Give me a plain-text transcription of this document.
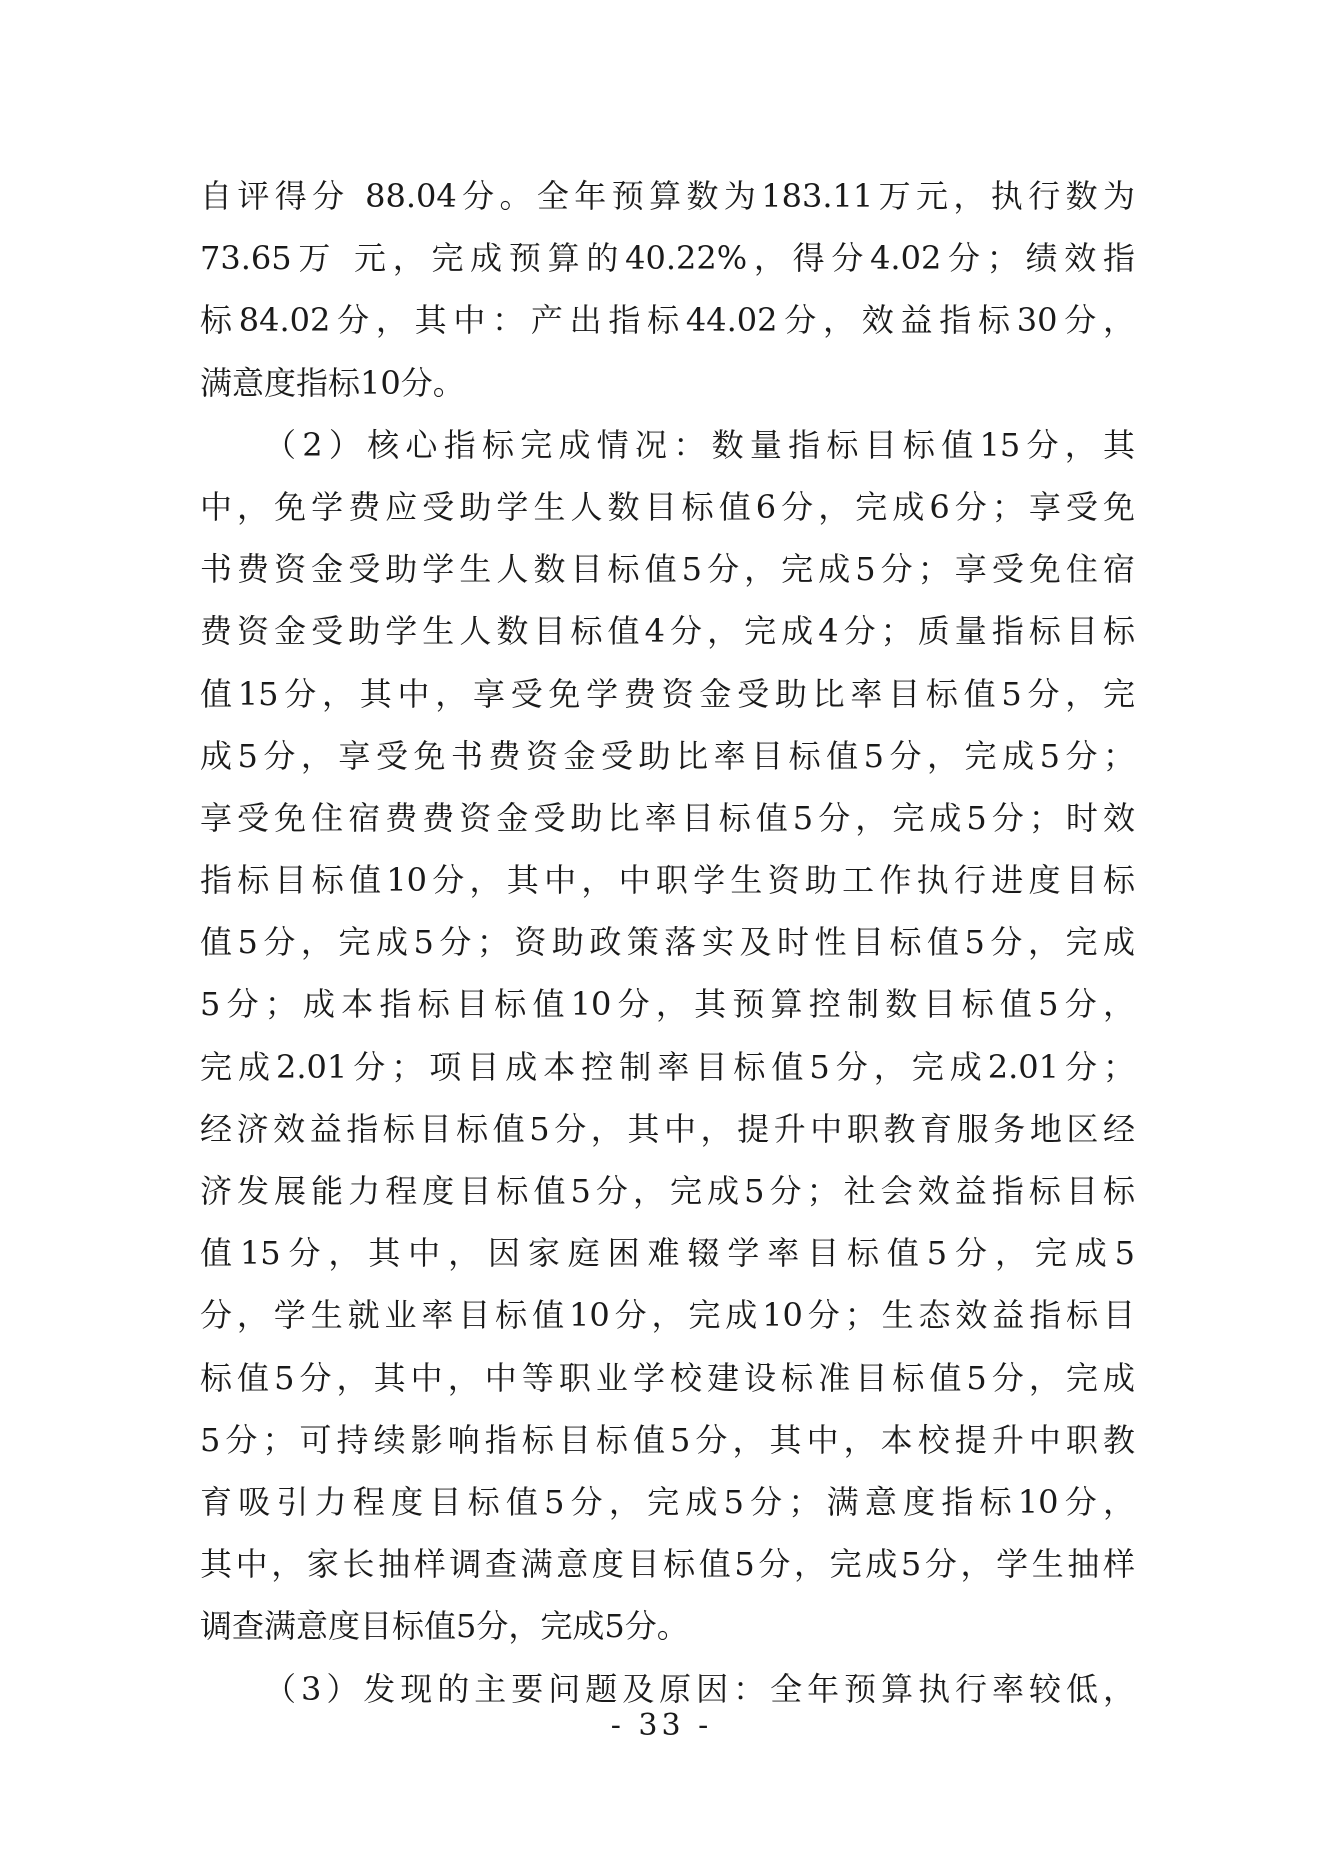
自评得分 88.04分。全年预算数为183.11万元，执行数为
73.65万 元，完成预算的40.22%，得分4.02分；绩效指
标84.02分，其中：产出指标44.02分，效益指标30分，
满意度指标10分。
（2）核心指标完成情况：数量指标目标值15分，其
中，免学费应受助学生人数目标值6分，完成6分；享受免
书费资金受助学生人数目标值5分，完成5分；享受免住宿
费资金受助学生人数目标值4分，完成4分；质量指标目标
值15分，其中，享受免学费资金受助比率目标值5分，完
成5分，享受免书费资金受助比率目标值5分，完成5分；
享受免住宿费费资金受助比率目标值5分，完成5分；时效
指标目标值10分，其中，中职学生资助工作执行进度目标
值5分，完成5分；资助政策落实及时性目标值5分，完成
5分；成本指标目标值10分，其预算控制数目标值5分，
完成2.01分；项目成本控制率目标值5分，完成2.01分；
经济效益指标目标值5分，其中，提升中职教育服务地区经
济发展能力程度目标值5分，完成5分；社会效益指标目标
值15分，其中，因家庭困难辍学率目标值5分，完成5
分，学生就业率目标值10分，完成10分；生态效益指标目
标值5分，其中，中等职业学校建设标准目标值5分，完成
5分；可持续影响指标目标值5分，其中，本校提升中职教
育吸引力程度目标值5分，完成5分；满意度指标10分，
其中，家长抽样调查满意度目标值5分，完成5分，学生抽样
调查满意度目标值5分，完成5分。
（3）发现的主要问题及原因：全年预算执行率较低，
- 33 -
